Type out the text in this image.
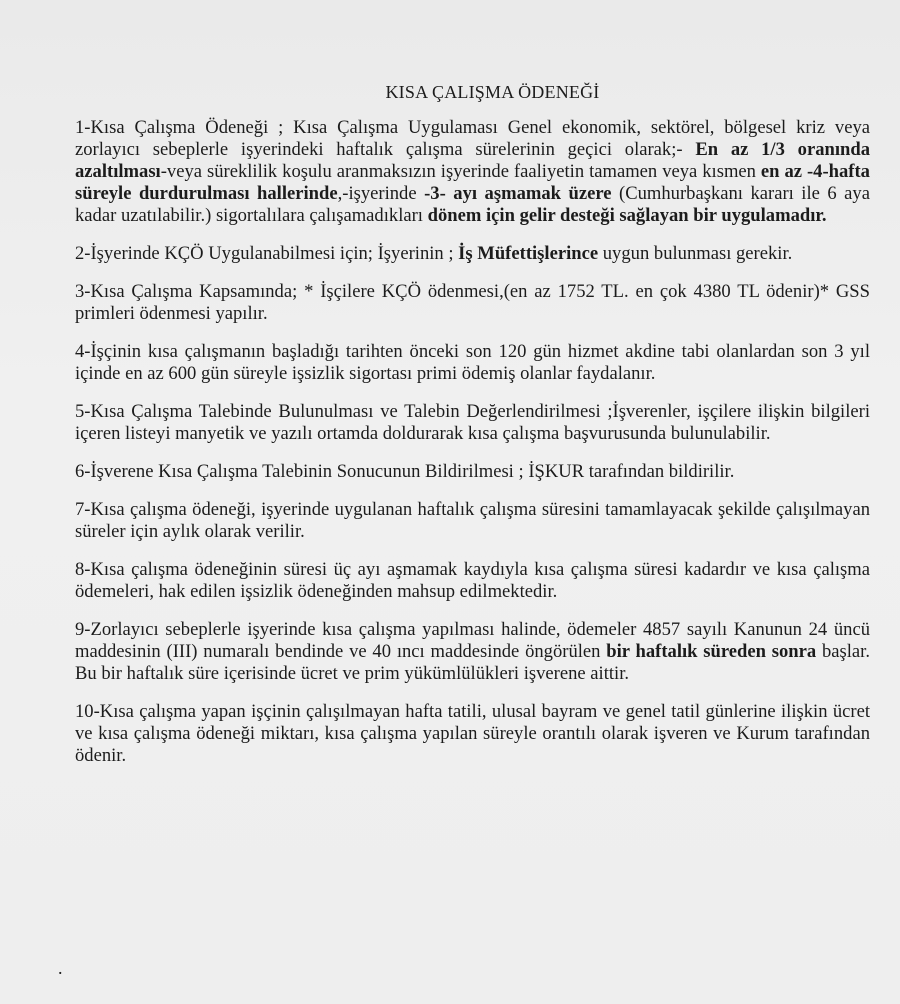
KISA ÇALIŞMA ÖDENEĞİ

1-Kısa Çalışma Ödeneği ; Kısa Çalışma Uygulaması Genel ekonomik, sektörel, bölgesel kriz veya zorlayıcı sebeplerle işyerindeki haftalık çalışma sürelerinin geçici olarak;- En az 1/3 oranında azaltılması-veya süreklilik koşulu aranmaksızın işyerinde faaliyetin tamamen veya kısmen en az -4-hafta süreyle durdurulması hallerinde,-işyerinde -3- ayı aşmamak üzere (Cumhurbaşkanı kararı ile 6 aya kadar uzatılabilir.) sigortalılara çalışamadıkları dönem için gelir desteği sağlayan bir uygulamadır.

2-İşyerinde KÇÖ Uygulanabilmesi için; İşyerinin ; İş Müfettişlerince uygun bulunması gerekir.

3-Kısa Çalışma Kapsamında; * İşçilere KÇÖ ödenmesi,(en az 1752 TL. en çok 4380 TL ödenir)* GSS primleri ödenmesi yapılır.

4-İşçinin kısa çalışmanın başladığı tarihten önceki son 120 gün hizmet akdine tabi olanlardan son 3 yıl içinde en az 600 gün süreyle işsizlik sigortası primi ödemiş olanlar faydalanır.

5-Kısa Çalışma Talebinde Bulunulması ve Talebin Değerlendirilmesi ;İşverenler, işçilere ilişkin bilgileri içeren listeyi manyetik ve yazılı ortamda doldurarak kısa çalışma başvurusunda bulunulabilir.

6-İşverene Kısa Çalışma Talebinin Sonucunun Bildirilmesi ; İŞKUR tarafından bildirilir.

7-Kısa çalışma ödeneği, işyerinde uygulanan haftalık çalışma süresini tamamlayacak şekilde çalışılmayan süreler için aylık olarak verilir.

8-Kısa çalışma ödeneğinin süresi üç ayı aşmamak kaydıyla kısa çalışma süresi kadardır ve kısa çalışma ödemeleri, hak edilen işsizlik ödeneğinden mahsup edilmektedir.

9-Zorlayıcı sebeplerle işyerinde kısa çalışma yapılması halinde, ödemeler 4857 sayılı Kanunun 24 üncü maddesinin (III) numaralı bendinde ve 40 ıncı maddesinde öngörülen bir haftalık süreden sonra başlar. Bu bir haftalık süre içerisinde ücret ve prim yükümlülükleri işverene aittir.

10-Kısa çalışma yapan işçinin çalışılmayan hafta tatili, ulusal bayram ve genel tatil günlerine ilişkin ücret ve kısa çalışma ödeneği miktarı, kısa çalışma yapılan süreyle orantılı olarak işveren ve Kurum tarafından ödenir.

.
